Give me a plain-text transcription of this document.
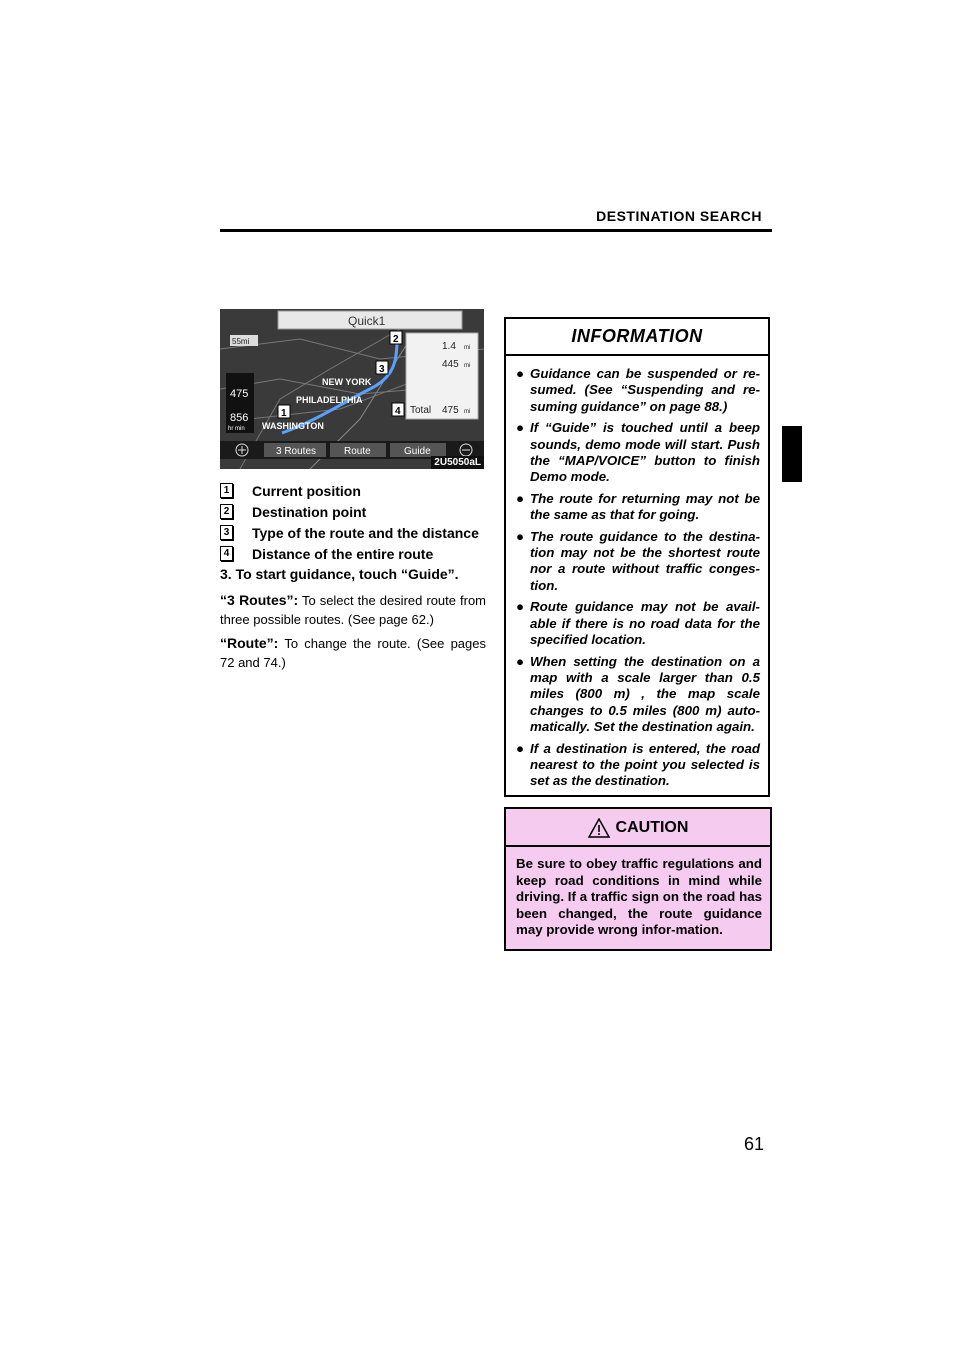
DESTINATION SEARCH
Quick1
55mi
475
856
hr min
NEW YORK
PHILADELPHIA
WASHINGTON
1.4 mi
445 mi
Total 475 mi
1
2
3
4
3 Routes	Route	Guide
2U5050aL
1 Current position
2 Destination point
3 Type of the route and the distance
4 Distance of the entire route
3. To start guidance, touch “Guide”.
“3 Routes”: To select the desired route from three possible routes. (See page 62.)
“Route”: To change the route. (See pages 72 and 74.)
INFORMATION
● Guidance can be suspended or re-sumed. (See “Suspending and re-suming guidance” on page 88.)
● If “Guide” is touched until a beep sounds, demo mode will start. Push the “MAP/VOICE” button to finish Demo mode.
● The route for returning may not be the same as that for going.
● The route guidance to the destina-tion may not be the shortest route nor a route without traffic conges-tion.
● Route guidance may not be avail-able if there is no road data for the specified location.
● When setting the destination on a map with a scale larger than 0.5 miles (800 m) , the map scale changes to 0.5 miles (800 m) auto-matically. Set the destination again.
● If a destination is entered, the road nearest to the point you selected is set as the destination.
CAUTION
Be sure to obey traffic regulations and keep road conditions in mind while driving. If a traffic sign on the road has been changed, the route guidance may provide wrong infor-mation.
61
